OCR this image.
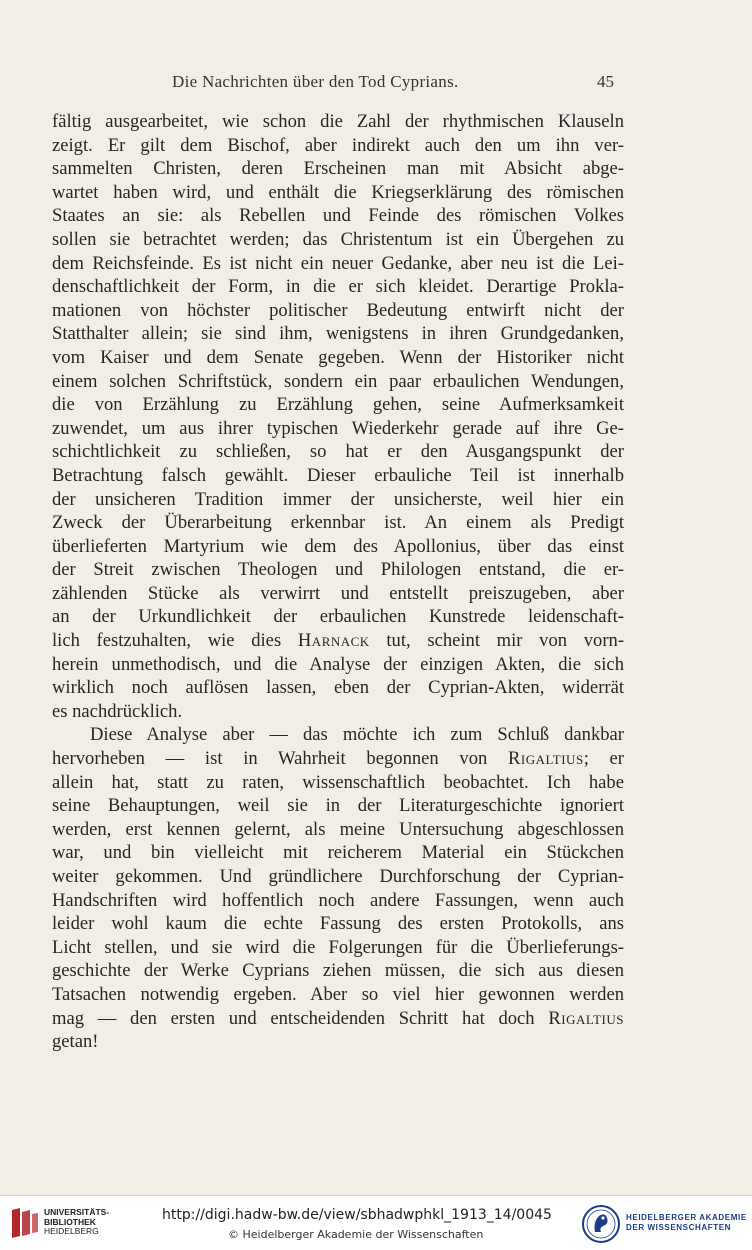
Die Nachrichten über den Tod Cyprians.	45

fältig ausgearbeitet, wie schon die Zahl der rhythmischen Klauseln
zeigt. Er gilt dem Bischof, aber indirekt auch den um ihn ver-
sammelten Christen, deren Erscheinen man mit Absicht abge-
wartet haben wird, und enthält die Kriegserklärung des römischen
Staates an sie: als Rebellen und Feinde des römischen Volkes
sollen sie betrachtet werden; das Christentum ist ein Übergehen zu
dem Reichsfeinde. Es ist nicht ein neuer Gedanke, aber neu ist die Lei-
denschaftlichkeit der Form, in die er sich kleidet. Derartige Prokla-
mationen von höchster politischer Bedeutung entwirft nicht der
Statthalter allein; sie sind ihm, wenigstens in ihren Grundgedanken,
vom Kaiser und dem Senate gegeben. Wenn der Historiker nicht
einem solchen Schriftstück, sondern ein paar erbaulichen Wendungen,
die von Erzählung zu Erzählung gehen, seine Aufmerksamkeit
zuwendet, um aus ihrer typischen Wiederkehr gerade auf ihre Ge-
schichtlichkeit zu schließen, so hat er den Ausgangspunkt der
Betrachtung falsch gewählt. Dieser erbauliche Teil ist innerhalb
der unsicheren Tradition immer der unsicherste, weil hier ein
Zweck der Überarbeitung erkennbar ist. An einem als Predigt
überlieferten Martyrium wie dem des Apollonius, über das einst
der Streit zwischen Theologen und Philologen entstand, die er-
zählenden Stücke als verwirrt und entstellt preiszugeben, aber
an der Urkundlichkeit der erbaulichen Kunstrede leidenschaft-
lich festzuhalten, wie dies Harnack tut, scheint mir von vorn-
herein unmethodisch, und die Analyse der einzigen Akten, die sich
wirklich noch auflösen lassen, eben der Cyprian-Akten, widerrät
es nachdrücklich.

Diese Analyse aber — das möchte ich zum Schluß dankbar
hervorheben — ist in Wahrheit begonnen von Rigaltius; er
allein hat, statt zu raten, wissenschaftlich beobachtet. Ich habe
seine Behauptungen, weil sie in der Literaturgeschichte ignoriert
werden, erst kennen gelernt, als meine Untersuchung abgeschlossen
war, und bin vielleicht mit reicherem Material ein Stückchen
weiter gekommen. Und gründlichere Durchforschung der Cyprian-
Handschriften wird hoffentlich noch andere Fassungen, wenn auch
leider wohl kaum die echte Fassung des ersten Protokolls, ans
Licht stellen, und sie wird die Folgerungen für die Überlieferungs-
geschichte der Werke Cyprians ziehen müssen, die sich aus diesen
Tatsachen notwendig ergeben. Aber so viel hier gewonnen werden
mag — den ersten und entscheidenden Schritt hat doch Rigaltius
getan!

UNIVERSITÄTS-
BIBLIOTHEK
HEIDELBERG
http://digi.hadw-bw.de/view/sbhadwphkl_1913_14/0045
© Heidelberger Akademie der Wissenschaften
HEIDELBERGER AKADEMIE
DER WISSENSCHAFTEN
